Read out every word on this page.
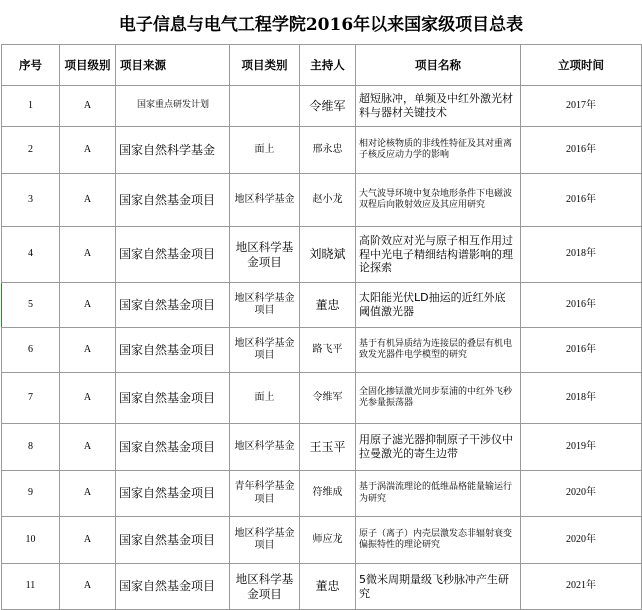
电子信息与电气工程学院2016年以来国家级项目总表
序号	项目级别	项目来源	项目类别	主持人	项目名称	立项时间
1	A	国家重点研发计划		令维军	超短脉冲，单频及中红外激光材料与器材关键技术	2017年
2	A	国家自然科学基金	面上	邢永忠	相对论核物质的非线性特征及其对重离子核反应动力学的影响	2016年
3	A	国家自然基金项目	地区科学基金	赵小龙	大气波导环境中复杂地形条件下电磁波双程后向散射效应及其应用研究	2016年
4	A	国家自然基金项目	地区科学基金项目	刘晓斌	高阶效应对光与原子相互作用过程中光电子精细结构谱影响的理论探索	2018年
5	A	国家自然基金项目	地区科学基金项目	董忠	太阳能光伏LD抽运的近红外底阈值激光器	2016年
6	A	国家自然基金项目	地区科学基金项目	路飞平	基于有机异质结为连接层的叠层有机电致发光器件电学模型的研究	2016年
7	A	国家自然基金项目	面上	令维军	全固化掺铥激光同步泵浦的中红外飞秒光参量振荡器	2018年
8	A	国家自然基金项目	地区科学基金	王玉平	用原子滤光器抑制原子干涉仪中拉曼激光的寄生边带	2019年
9	A	国家自然基金项目	青年科学基金项目	符维成	基于涡湍流理论的低维晶格能量输运行为研究	2020年
10	A	国家自然基金项目	地区科学基金项目	师应龙	原子（离子）内壳层激发态非辐射衰变偏振特性的理论研究	2020年
11	A	国家自然基金项目	地区科学基金项目	董忠	5微米周期量级飞秒脉冲产生研究	2021年
